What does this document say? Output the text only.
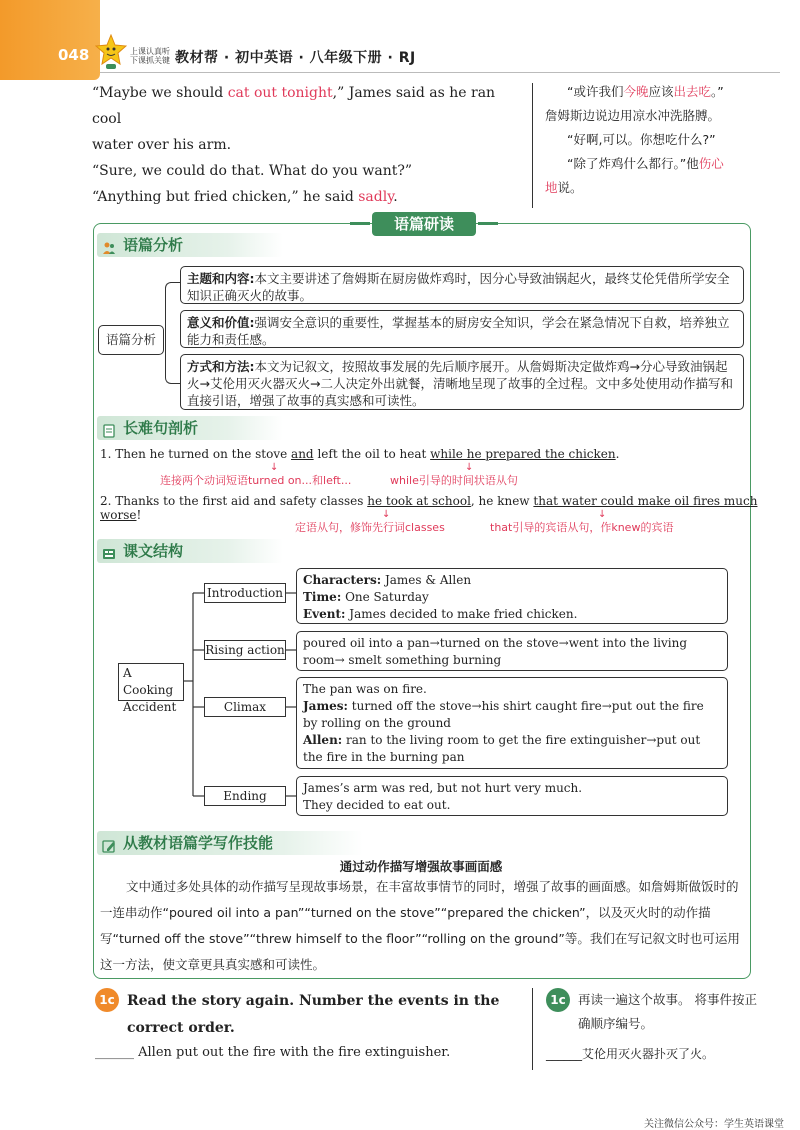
048	上课认真听
下课抓关键 教材帮 · 初中英语 · 八年级下册 · RJ
“Maybe we should cat out tonight,” James said as he ran cool
water over his arm.
“Sure, we could do that. What do you want?”
“Anything but fried chicken,” he said sadly.
“或许我们今晚应该出去吃。”
詹姆斯边说边用凉水冲洗胳膊。
“好啊,可以。你想吃什么?”
“除了炸鸡什么都行。”他伤心
地说。
语篇研读
语篇分析
语篇分析
主题和内容:本文主要讲述了詹姆斯在厨房做炸鸡时，因分心导致油锅起火，最终艾伦凭借所学安全知识正确灭火的故事。
意义和价值:强调安全意识的重要性，掌握基本的厨房安全知识，学会在紧急情况下自救，培养独立能力和责任感。
方式和方法:本文为记叙文，按照故事发展的先后顺序展开。从詹姆斯决定做炸鸡→分心导致油锅起火→艾伦用灭火器灭火→二人决定外出就餐，清晰地呈现了故事的全过程。文中多处使用动作描写和直接引语，增强了故事的真实感和可读性。
长难句剖析
1. Then he turned on the stove and left the oil to heat while he prepared the chicken.
↓	↓
连接两个动词短语turned on...和left...	while引导的时间状语从句
2. Thanks to the first aid and safety classes he took at school, he knew that water could make oil fires much worse!	↓	↓
定语从句，修饰先行词classes	that引导的宾语从句，作knew的宾语
课文结构
A Cooking Accident
Introduction
Rising action
Climax
Ending
Characters: James & Allen
Time: One Saturday
Event: James decided to make fried chicken.
poured oil into a pan→turned on the stove→went into the living room→ smelt something burning
The pan was on fire.
James: turned off the stove→his shirt caught fire→put out the fire by rolling on the ground
Allen: ran to the living room to get the fire extinguisher→put out the fire in the burning pan
James’s arm was red, but not hurt very much.
They decided to eat out.
从教材语篇学写作技能
通过动作描写增强故事画面感
文中通过多处具体的动作描写呈现故事场景，在丰富故事情节的同时，增强了故事的画面感。如詹姆斯做饭时的一连串动作“poured oil into a pan”“turned on the stove”“prepared the chicken”，以及灭火时的动作描写“turned off the stove”“threw himself to the floor”“rolling on the ground”等。我们在写记叙文时也可运用这一方法，使文章更具真实感和可读性。
1c Read the story again. Number the events in the correct order.
______ Allen put out the fire with the fire extinguisher.
1c 再读一遍这个故事。 将事件按正确顺序编号。
______艾伦用灭火器扑灭了火。
关注微信公众号：学生英语课堂
